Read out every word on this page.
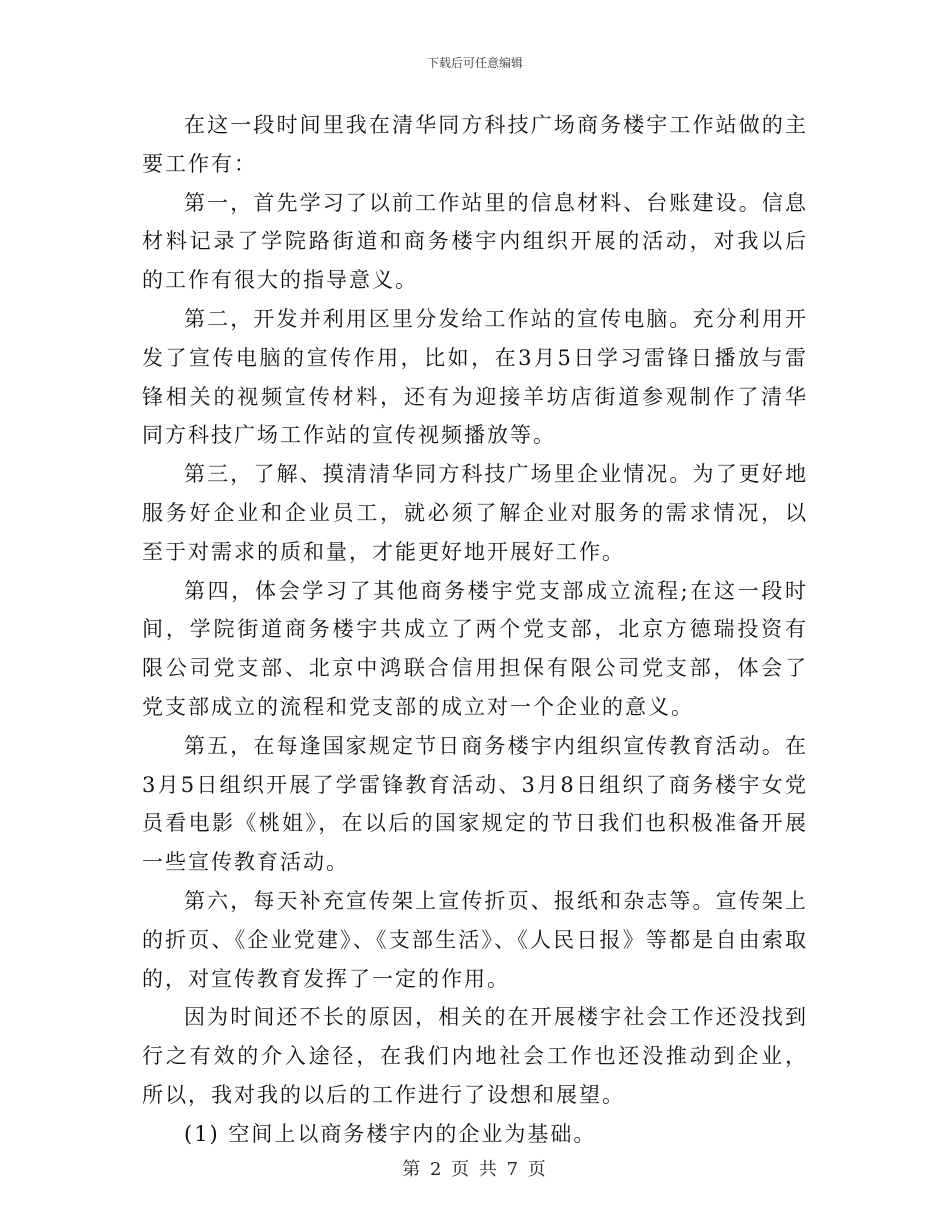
下载后可任意编辑

在这一段时间里我在清华同方科技广场商务楼宇工作站做的主要工作有：

第一，首先学习了以前工作站里的信息材料、台账建设。信息材料记录了学院路街道和商务楼宇内组织开展的活动，对我以后的工作有很大的指导意义。

第二，开发并利用区里分发给工作站的宣传电脑。充分利用开发了宣传电脑的宣传作用，比如，在3月5日学习雷锋日播放与雷锋相关的视频宣传材料，还有为迎接羊坊店街道参观制作了清华同方科技广场工作站的宣传视频播放等。

第三，了解、摸清清华同方科技广场里企业情况。为了更好地服务好企业和企业员工，就必须了解企业对服务的需求情况，以至于对需求的质和量，才能更好地开展好工作。

第四，体会学习了其他商务楼宇党支部成立流程;在这一段时间，学院街道商务楼宇共成立了两个党支部，北京方德瑞投资有限公司党支部、北京中鸿联合信用担保有限公司党支部，体会了党支部成立的流程和党支部的成立对一个企业的意义。

第五，在每逢国家规定节日商务楼宇内组织宣传教育活动。在3月5日组织开展了学雷锋教育活动、3月8日组织了商务楼宇女党员看电影《桃姐》，在以后的国家规定的节日我们也积极准备开展一些宣传教育活动。

第六，每天补充宣传架上宣传折页、报纸和杂志等。宣传架上的折页、《企业党建》、《支部生活》、《人民日报》等都是自由索取的，对宣传教育发挥了一定的作用。

因为时间还不长的原因，相关的在开展楼宇社会工作还没找到行之有效的介入途径，在我们内地社会工作也还没推动到企业，所以，我对我的以后的工作进行了设想和展望。

(1) 空间上以商务楼宇内的企业为基础。

第 2 页 共 7 页
